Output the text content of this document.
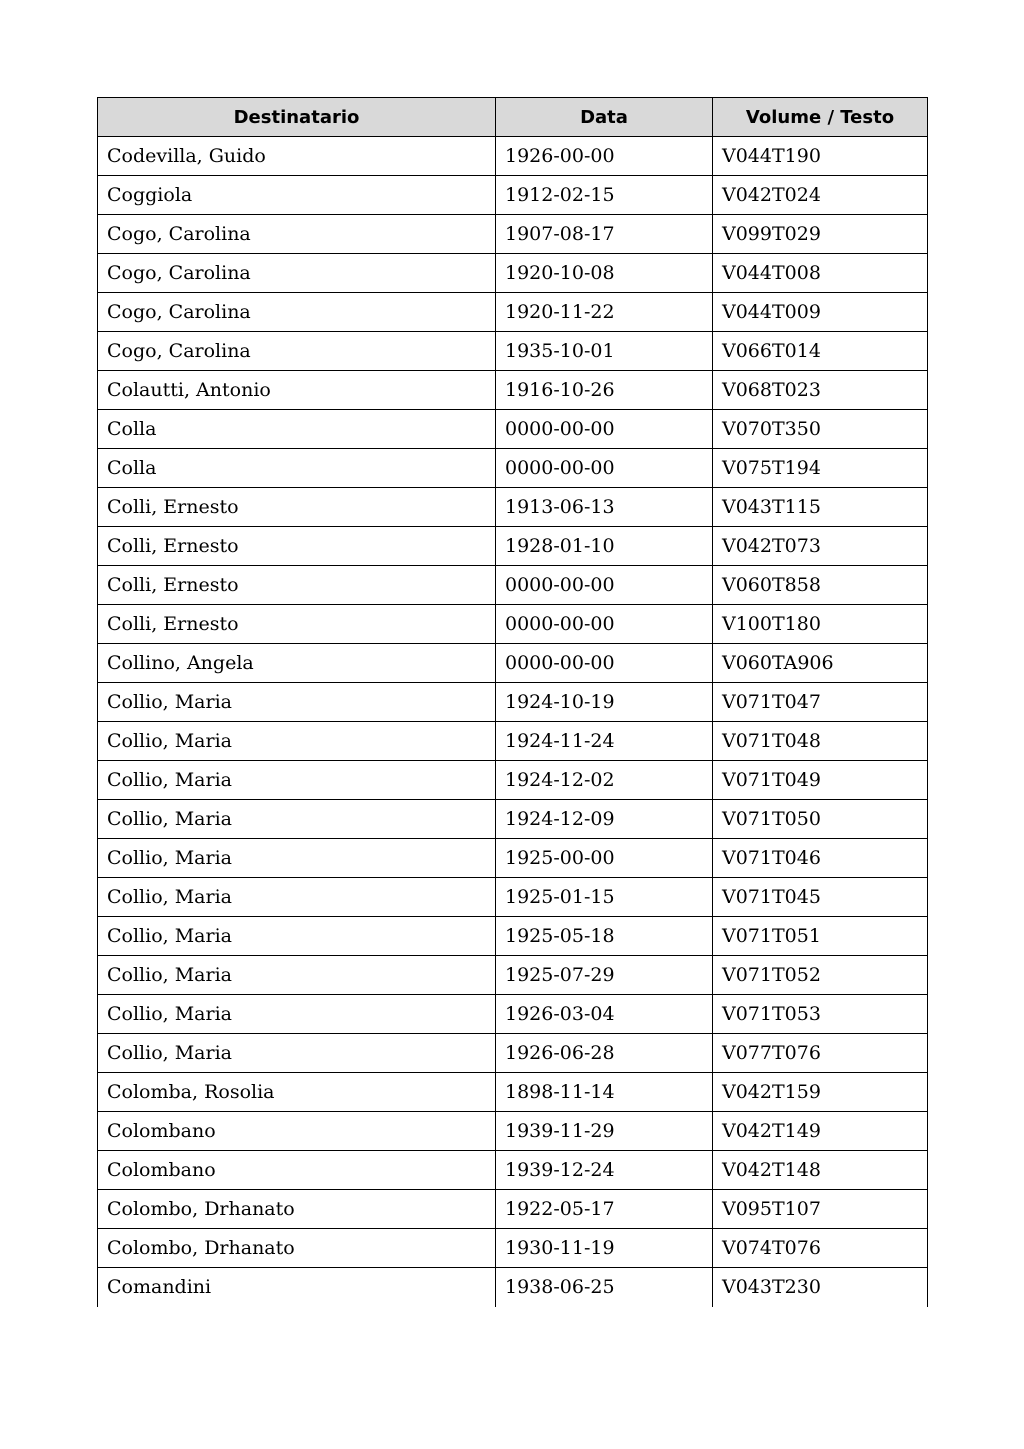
Destinatario	Data	Volume / Testo
Codevilla, Guido	1926-00-00	V044T190
Coggiola	1912-02-15	V042T024
Cogo, Carolina	1907-08-17	V099T029
Cogo, Carolina	1920-10-08	V044T008
Cogo, Carolina	1920-11-22	V044T009
Cogo, Carolina	1935-10-01	V066T014
Colautti, Antonio	1916-10-26	V068T023
Colla	0000-00-00	V070T350
Colla	0000-00-00	V075T194
Colli, Ernesto	1913-06-13	V043T115
Colli, Ernesto	1928-01-10	V042T073
Colli, Ernesto	0000-00-00	V060T858
Colli, Ernesto	0000-00-00	V100T180
Collino, Angela	0000-00-00	V060TA906
Collio, Maria	1924-10-19	V071T047
Collio, Maria	1924-11-24	V071T048
Collio, Maria	1924-12-02	V071T049
Collio, Maria	1924-12-09	V071T050
Collio, Maria	1925-00-00	V071T046
Collio, Maria	1925-01-15	V071T045
Collio, Maria	1925-05-18	V071T051
Collio, Maria	1925-07-29	V071T052
Collio, Maria	1926-03-04	V071T053
Collio, Maria	1926-06-28	V077T076
Colomba, Rosolia	1898-11-14	V042T159
Colombano	1939-11-29	V042T149
Colombano	1939-12-24	V042T148
Colombo, Drhanato	1922-05-17	V095T107
Colombo, Drhanato	1930-11-19	V074T076
Comandini	1938-06-25	V043T230
